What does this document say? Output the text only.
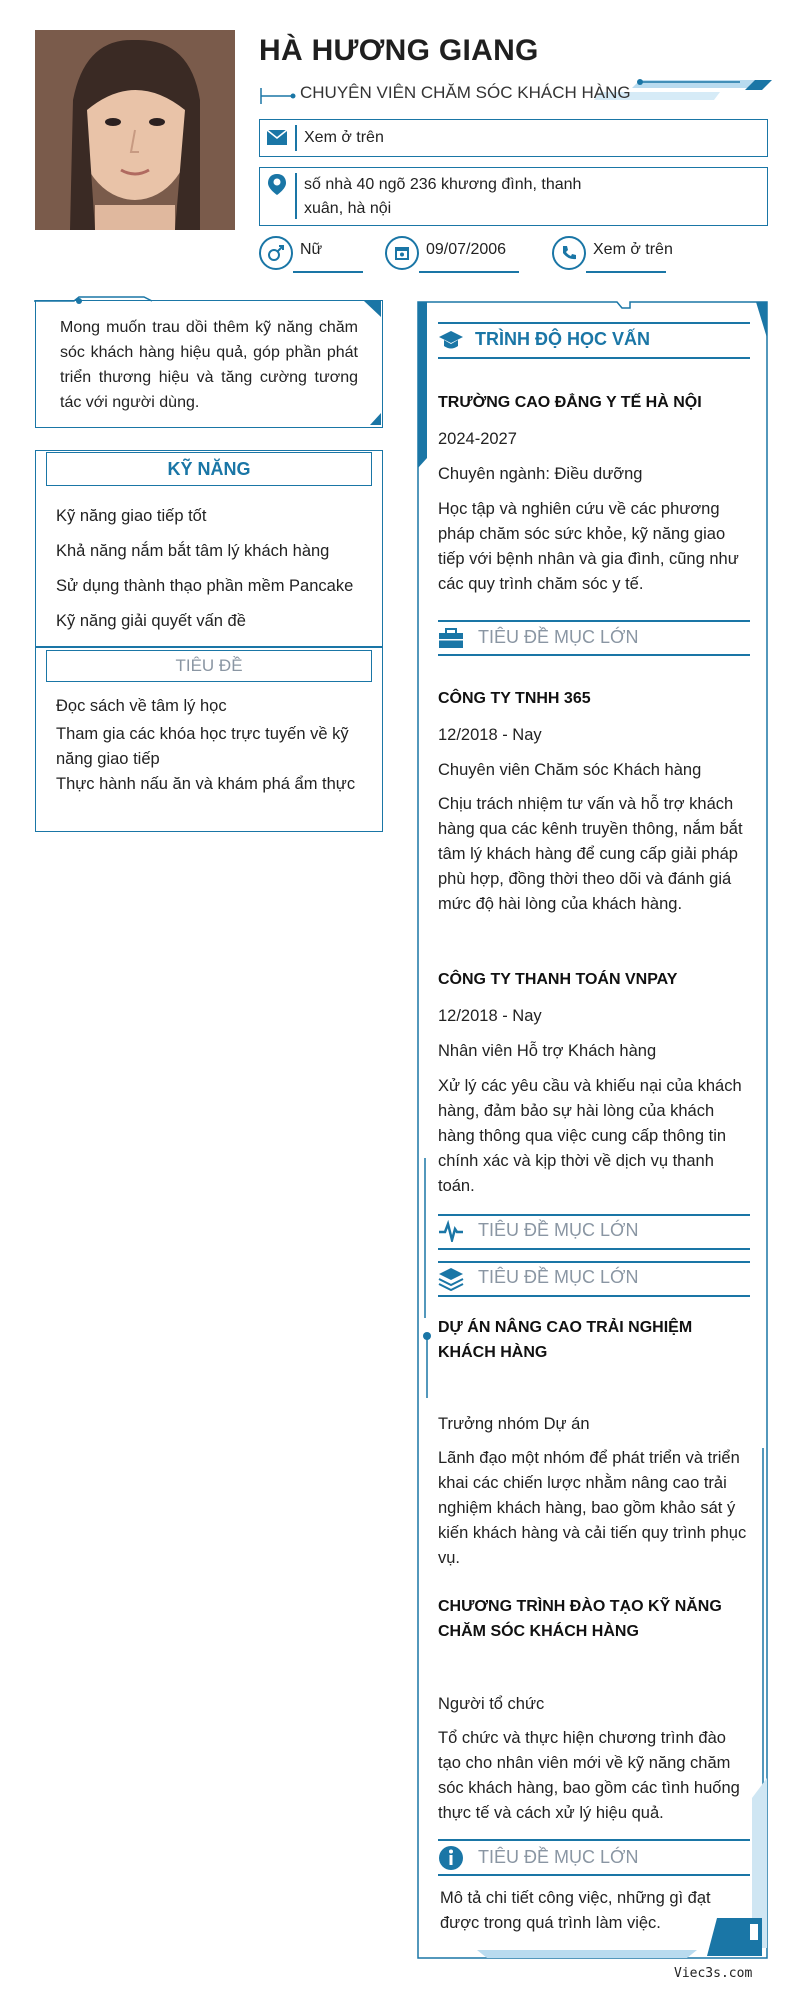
HÀ HƯƠNG GIANG
CHUYÊN VIÊN CHĂM SÓC KHÁCH HÀNG
Xem ở trên
số nhà 40 ngõ 236 khương đình, thanh xuân, hà nội
Nữ	09/07/2006	Xem ở trên
Mong muốn trau dồi thêm kỹ năng chăm sóc khách hàng hiệu quả, góp phần phát triển thương hiệu và tăng cường tương tác với người dùng.
KỸ NĂNG
Kỹ năng giao tiếp tốt
Khả năng nắm bắt tâm lý khách hàng
Sử dụng thành thạo phần mềm Pancake
Kỹ năng giải quyết vấn đề
TIÊU ĐỀ
Đọc sách về tâm lý học
Tham gia các khóa học trực tuyến về kỹ năng giao tiếp
Thực hành nấu ăn và khám phá ẩm thực
TRÌNH ĐỘ HỌC VẤN
TRƯỜNG CAO ĐẲNG Y TẾ HÀ NỘI
2024-2027
Chuyên ngành: Điều dưỡng
Học tập và nghiên cứu về các phương pháp chăm sóc sức khỏe, kỹ năng giao tiếp với bệnh nhân và gia đình, cũng như các quy trình chăm sóc y tế.
TIÊU ĐỀ MỤC LỚN
CÔNG TY TNHH 365
12/2018 - Nay
Chuyên viên Chăm sóc Khách hàng
Chịu trách nhiệm tư vấn và hỗ trợ khách hàng qua các kênh truyền thông, nắm bắt tâm lý khách hàng để cung cấp giải pháp phù hợp, đồng thời theo dõi và đánh giá mức độ hài lòng của khách hàng.
CÔNG TY THANH TOÁN VNPAY
12/2018 - Nay
Nhân viên Hỗ trợ Khách hàng
Xử lý các yêu cầu và khiếu nại của khách hàng, đảm bảo sự hài lòng của khách hàng thông qua việc cung cấp thông tin chính xác và kịp thời về dịch vụ thanh toán.
TIÊU ĐỀ MỤC LỚN
TIÊU ĐỀ MỤC LỚN
DỰ ÁN NÂNG CAO TRẢI NGHIỆM KHÁCH HÀNG
Trưởng nhóm Dự án
Lãnh đạo một nhóm để phát triển và triển khai các chiến lược nhằm nâng cao trải nghiệm khách hàng, bao gồm khảo sát ý kiến khách hàng và cải tiến quy trình phục vụ.
CHƯƠNG TRÌNH ĐÀO TẠO KỸ NĂNG CHĂM SÓC KHÁCH HÀNG
Người tổ chức
Tổ chức và thực hiện chương trình đào tạo cho nhân viên mới về kỹ năng chăm sóc khách hàng, bao gồm các tình huống thực tế và cách xử lý hiệu quả.
TIÊU ĐỀ MỤC LỚN
Mô tả chi tiết công việc, những gì đạt được trong quá trình làm việc.
Viec3s.com
